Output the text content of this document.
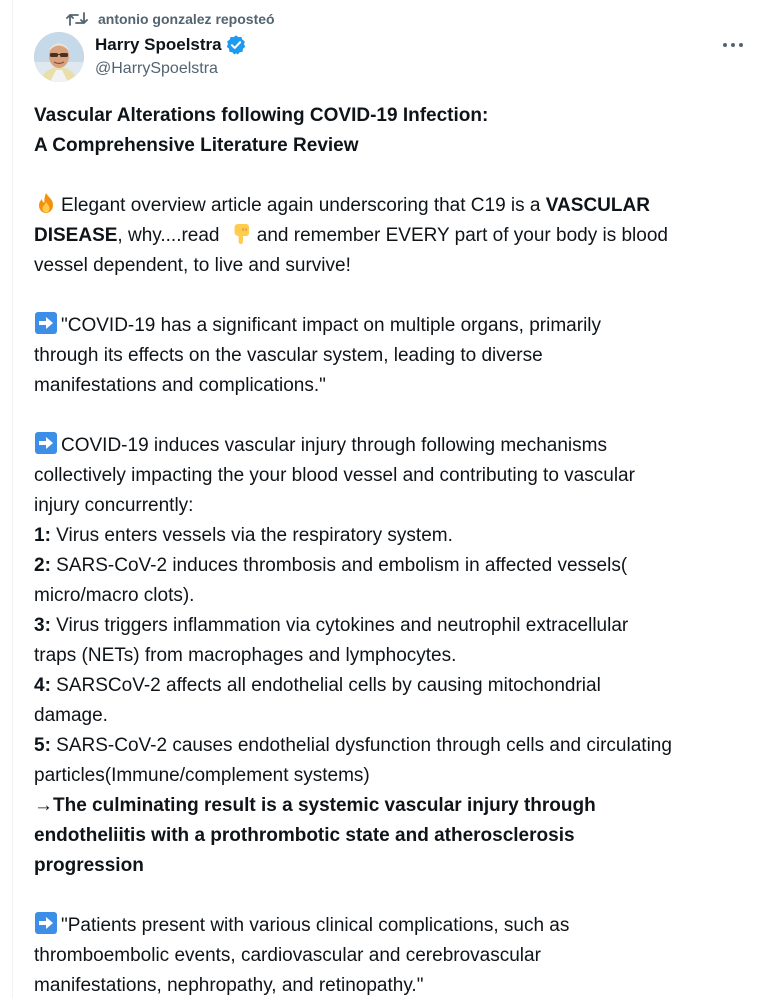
antonio gonzalez reposteó
Harry Spoelstra
@HarrySpoelstra
Vascular Alterations following COVID-19 Infection:
A Comprehensive Literature Review
Elegant overview article again underscoring that C19 is a VASCULAR
DISEASE, why....read and remember EVERY part of your body is blood
vessel dependent, to live and survive!
"COVID-19 has a significant impact on multiple organs, primarily
through its effects on the vascular system, leading to diverse
manifestations and complications."
COVID-19 induces vascular injury through following mechanisms
collectively impacting the your blood vessel and contributing to vascular
injury concurrently:
1: Virus enters vessels via the respiratory system.
2: SARS-CoV-2 induces thrombosis and embolism in affected vessels(
micro/macro clots).
3: Virus triggers inflammation via cytokines and neutrophil extracellular
traps (NETs) from macrophages and lymphocytes.
4: SARSCoV-2 affects all endothelial cells by causing mitochondrial
damage.
5: SARS-CoV-2 causes endothelial dysfunction through cells and circulating
particles(Immune/complement systems)
→The culminating result is a systemic vascular injury through
endotheliitis with a prothrombotic state and atherosclerosis
progression
"Patients present with various clinical complications, such as
thromboembolic events, cardiovascular and cerebrovascular
manifestations, nephropathy, and retinopathy."
